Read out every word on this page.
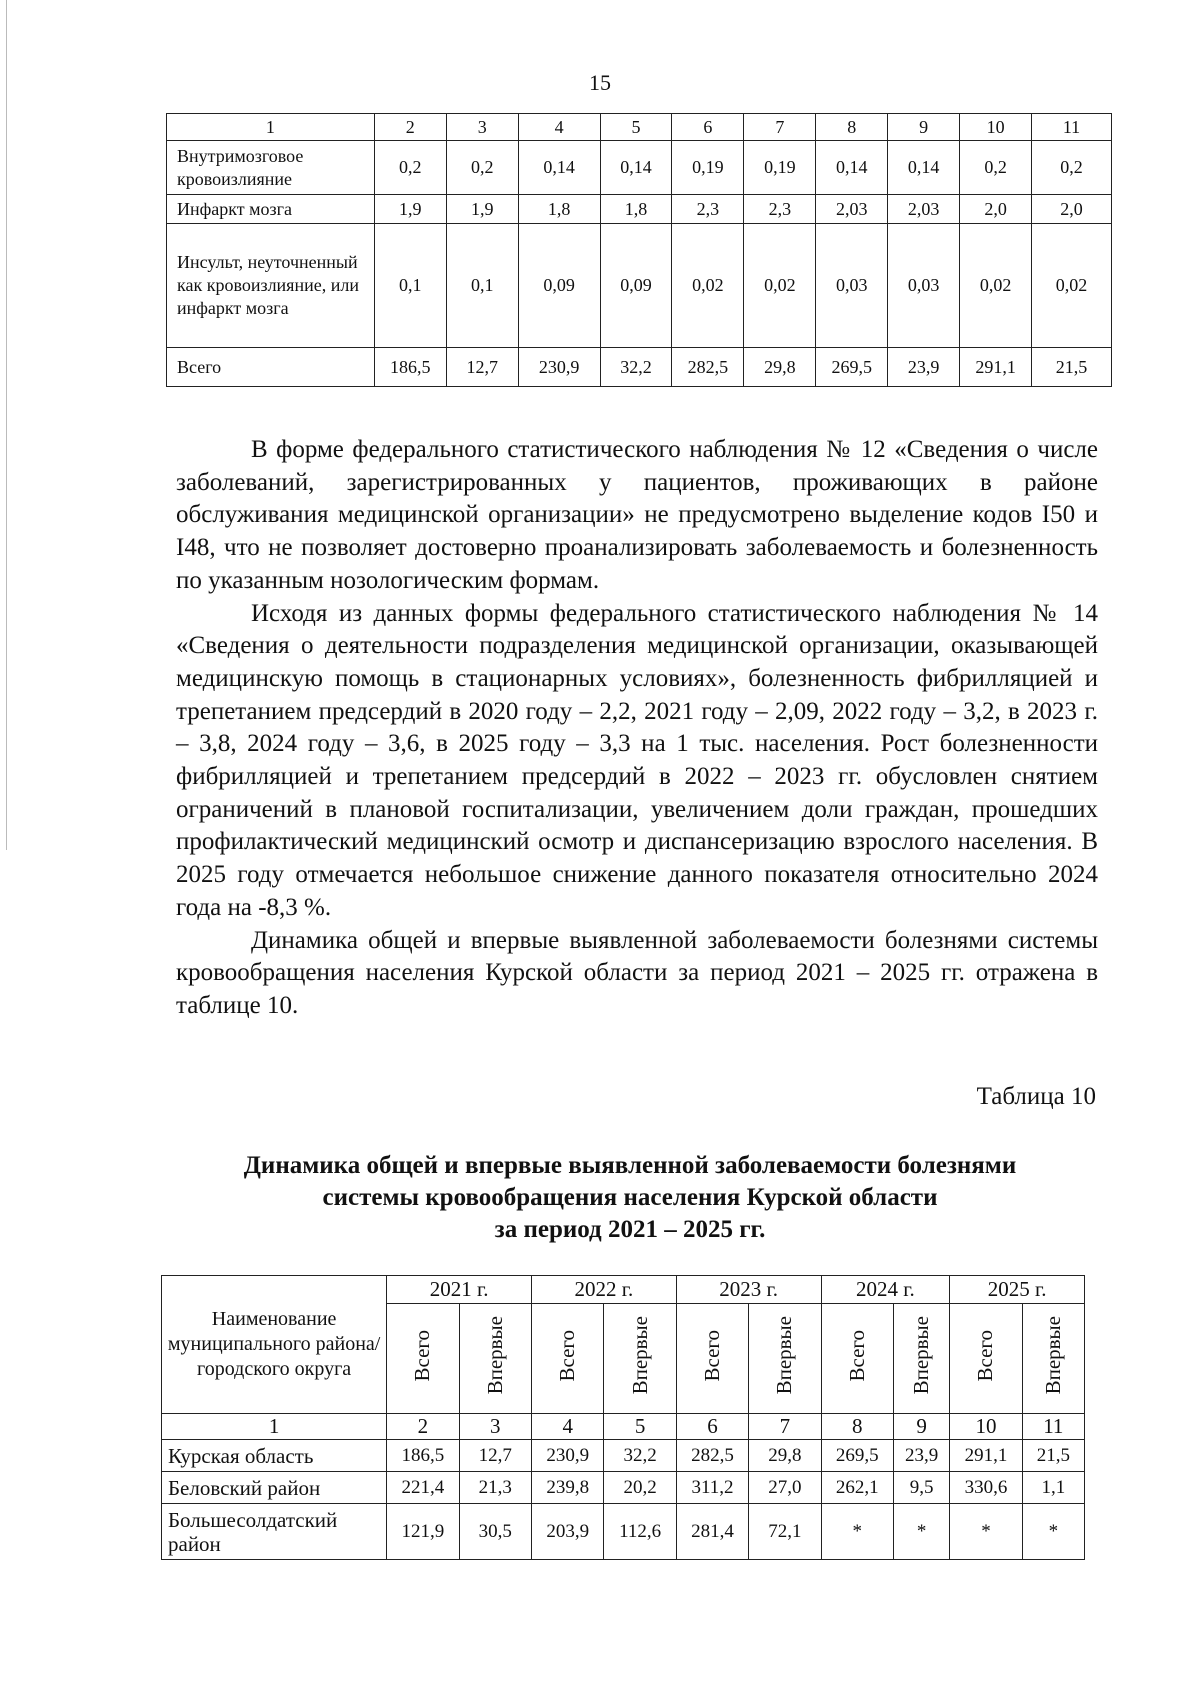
15
1	2	3	4	5	6	7	8	9	10	11
Внутримозговое кровоизлияние	0,2	0,2	0,14	0,14	0,19	0,19	0,14	0,14	0,2	0,2
Инфаркт мозга	1,9	1,9	1,8	1,8	2,3	2,3	2,03	2,03	2,0	2,0
Инсульт, неуточненный как кровоизлияние, или инфаркт мозга	0,1	0,1	0,09	0,09	0,02	0,02	0,03	0,03	0,02	0,02
Всего	186,5	12,7	230,9	32,2	282,5	29,8	269,5	23,9	291,1	21,5

В форме федерального статистического наблюдения № 12 «Сведения о числе заболеваний, зарегистрированных у пациентов, проживающих в районе обслуживания медицинской организации» не предусмотрено выделение кодов I50 и I48, что не позволяет достоверно проанализировать заболеваемость и болезненность по указанным нозологическим формам.

Исходя из данных формы федерального статистического наблюдения № 14 «Сведения о деятельности подразделения медицинской организации, оказывающей медицинскую помощь в стационарных условиях», болезненность фибрилляцией и трепетанием предсердий в 2020 году – 2,2, 2021 году – 2,09, 2022 году – 3,2, в 2023 г. – 3,8, 2024 году – 3,6, в 2025 году – 3,3 на 1 тыс. населения. Рост болезненности фибрилляцией и трепетанием предсердий в 2022 – 2023 гг. обусловлен снятием ограничений в плановой госпитализации, увеличением доли граждан, прошедших профилактический медицинский осмотр и диспансеризацию взрослого населения. В 2025 году отмечается небольшое снижение данного показателя относительно 2024 года на -8,3 %.

Динамика общей и впервые выявленной заболеваемости болезнями системы кровообращения населения Курской области за период 2021 – 2025 гг. отражена в таблице 10.

Таблица 10
Динамика общей и впервые выявленной заболеваемости болезнями
системы кровообращения населения Курской области
за период 2021 – 2025 гг.
Наименование муниципального района/городского округа	2021 г.		2022 г.		2023 г.		2024 г.		2025 г.	
	Всего	Впервые	Всего	Впервые	Всего	Впервые	Всего	Впервые	Всего	Впервые
1	2	3	4	5	6	7	8	9	10	11
Курская область	186,5	12,7	230,9	32,2	282,5	29,8	269,5	23,9	291,1	21,5
Беловский район	221,4	21,3	239,8	20,2	311,2	27,0	262,1	9,5	330,6	1,1
Большесолдатский район	121,9	30,5	203,9	112,6	281,4	72,1	*	*	*	*
